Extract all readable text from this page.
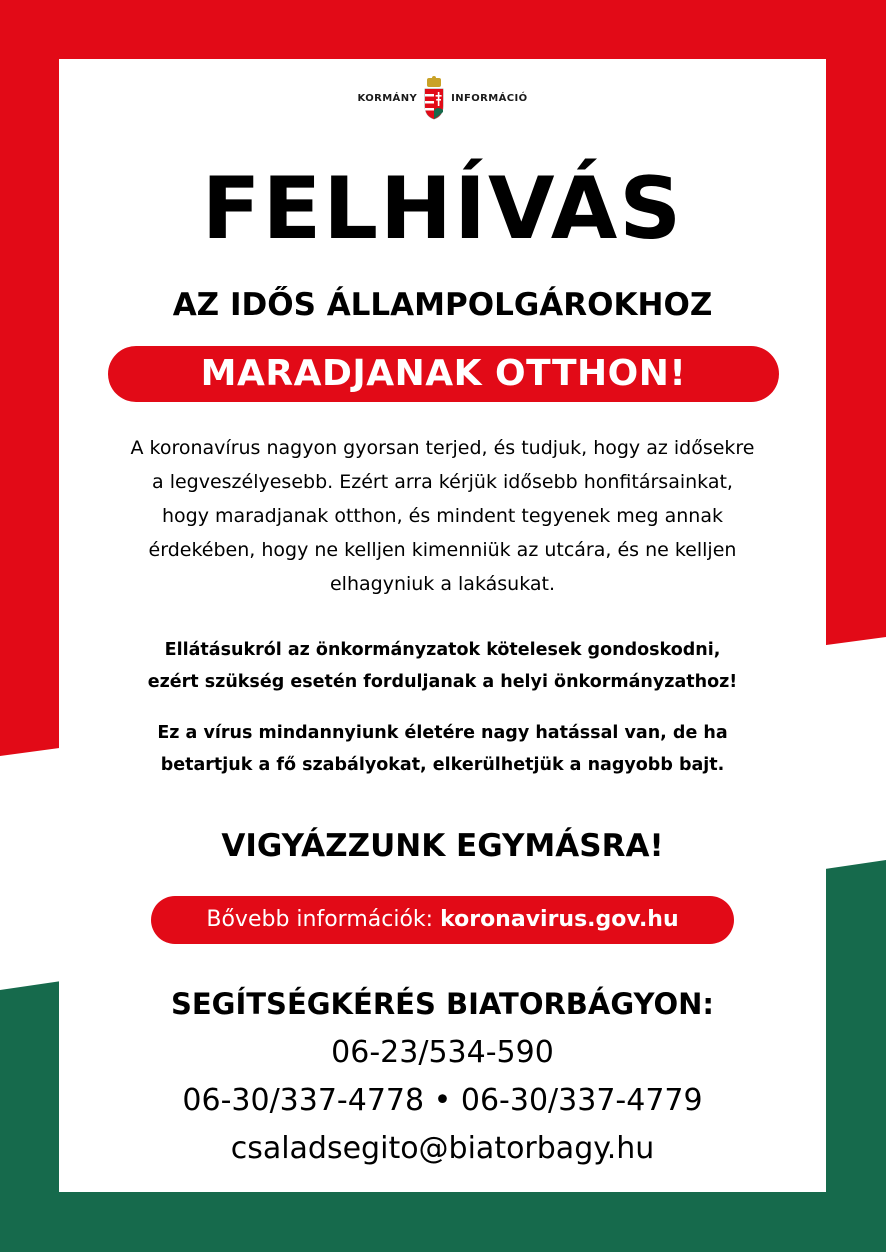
KORMÁNY	INFORMÁCIÓ
FELHÍVÁS
AZ IDŐS ÁLLAMPOLGÁROKHOZ
MARADJANAK OTTHON!

A koronavírus nagyon gyorsan terjed, és tudjuk, hogy az idősekre
a legveszélyesebb. Ezért arra kérjük idősebb honfitársainkat,
hogy maradjanak otthon, és mindent tegyenek meg annak
érdekében, hogy ne kelljen kimenniük az utcára, és ne kelljen
elhagyniuk a lakásukat.

Ellátásukról az önkormányzatok kötelesek gondoskodni,
ezért szükség esetén forduljanak a helyi önkormányzathoz!

Ez a vírus mindannyiunk életére nagy hatással van, de ha
betartjuk a fő szabályokat, elkerülhetjük a nagyobb bajt.

VIGYÁZZUNK EGYMÁSRA!
Bővebb információk: koronavirus.gov.hu
SEGÍTSÉGKÉRÉS BIATORBÁGYON:

06-23/534-590

06-30/337-4778 • 06-30/337-4779

csaladsegito@biatorbagy.hu
